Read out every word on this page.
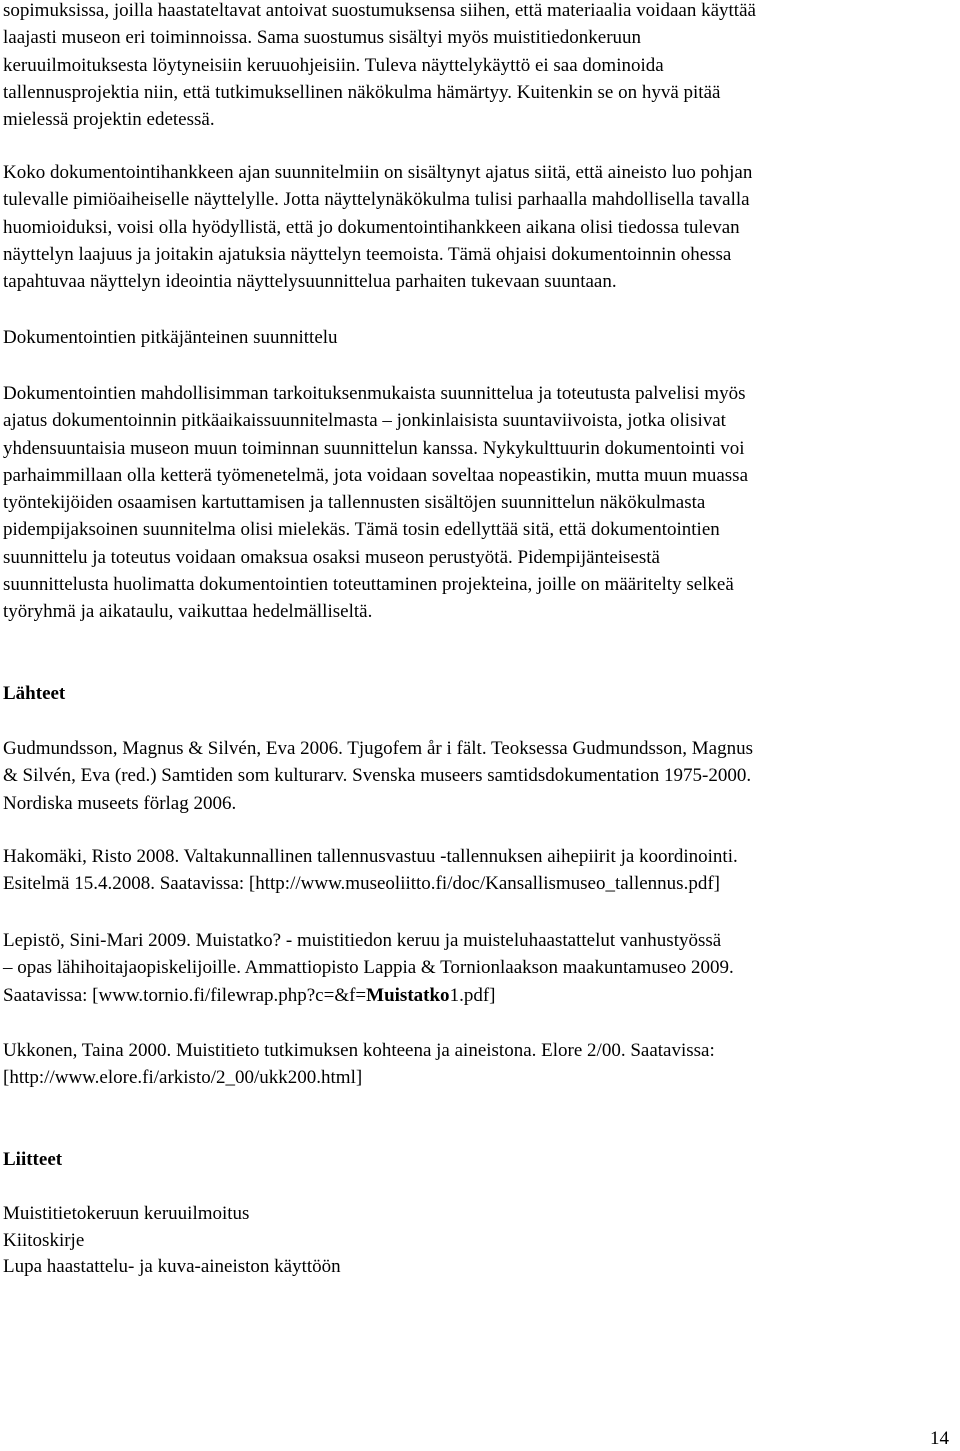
sopimuksissa, joilla haastateltavat antoivat suostumuksensa siihen, että materiaalia voidaan käyttää
laajasti museon eri toiminnoissa. Sama suostumus sisältyi myös muistitiedonkeruun
keruuilmoituksesta löytyneisiin keruuohjeisiin. Tuleva näyttelykäyttö ei saa dominoida
tallennusprojektia niin, että tutkimuksellinen näkökulma hämärtyy. Kuitenkin se on hyvä pitää
mielessä projektin edetessä.
Koko dokumentointihankkeen ajan suunnitelmiin on sisältynyt ajatus siitä, että aineisto luo pohjan
tulevalle pimiöaiheiselle näyttelylle. Jotta näyttelynäkökulma tulisi parhaalla mahdollisella tavalla
huomioiduksi, voisi olla hyödyllistä, että jo dokumentointihankkeen aikana olisi tiedossa tulevan
näyttelyn laajuus ja joitakin ajatuksia näyttelyn teemoista. Tämä ohjaisi dokumentoinnin ohessa
tapahtuvaa näyttelyn ideointia näyttelysuunnittelua parhaiten tukevaan suuntaan.
Dokumentointien pitkäjänteinen suunnittelu
Dokumentointien mahdollisimman tarkoituksenmukaista suunnittelua ja toteutusta palvelisi myös
ajatus dokumentoinnin pitkäaikaissuunnitelmasta – jonkinlaisista suuntaviivoista, jotka olisivat
yhdensuuntaisia museon muun toiminnan suunnittelun kanssa. Nykykulttuurin dokumentointi voi
parhaimmillaan olla ketterä työmenetelmä, jota voidaan soveltaa nopeastikin, mutta muun muassa
työntekijöiden osaamisen kartuttamisen ja tallennusten sisältöjen suunnittelun näkökulmasta
pidempijaksoinen suunnitelma olisi mielekäs. Tämä tosin edellyttää sitä, että dokumentointien
suunnittelu ja toteutus voidaan omaksua osaksi museon perustyötä. Pidempijänteisestä
suunnittelusta huolimatta dokumentointien toteuttaminen projekteina, joille on määritelty selkeä
työryhmä ja aikataulu, vaikuttaa hedelmälliseltä.
Lähteet
Gudmundsson, Magnus & Silvén, Eva 2006. Tjugofem år i fält. Teoksessa Gudmundsson, Magnus
& Silvén, Eva (red.) Samtiden som kulturarv. Svenska museers samtidsdokumentation 1975-2000.
Nordiska museets förlag 2006.
Hakomäki, Risto 2008. Valtakunnallinen tallennusvastuu -tallennuksen aihepiirit ja koordinointi.
Esitelmä 15.4.2008. Saatavissa: [http://www.museoliitto.fi/doc/Kansallismuseo_tallennus.pdf]
Lepistö, Sini-Mari 2009. Muistatko? - muistitiedon keruu ja muisteluhaastattelut vanhustyössä
– opas lähihoitajaopiskelijoille. Ammattiopisto Lappia & Tornionlaakson maakuntamuseo 2009.
Saatavissa: [www.tornio.fi/filewrap.php?c=&f=Muistatko1.pdf]
Ukkonen, Taina 2000. Muistitieto tutkimuksen kohteena ja aineistona. Elore 2/00. Saatavissa:
[http://www.elore.fi/arkisto/2_00/ukk200.html]
Liitteet
Muistitietokeruun keruuilmoitus
Kiitoskirje
Lupa haastattelu- ja kuva-aineiston käyttöön
14
